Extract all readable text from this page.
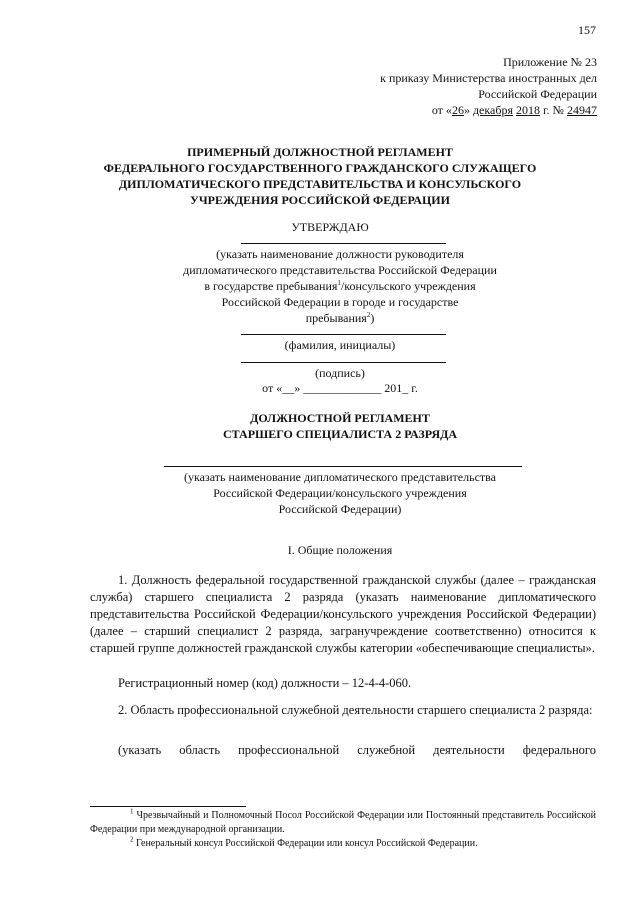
157
Приложение № 23
к приказу Министерства иностранных дел
Российской Федерации
от «26» декабря 2018 г. № 24947
ПРИМЕРНЫЙ ДОЛЖНОСТНОЙ РЕГЛАМЕНТ
ФЕДЕРАЛЬНОГО ГОСУДАРСТВЕННОГО ГРАЖДАНСКОГО СЛУЖАЩЕГО
ДИПЛОМАТИЧЕСКОГО ПРЕДСТАВИТЕЛЬСТВА И КОНСУЛЬСКОГО
УЧРЕЖДЕНИЯ РОССИЙСКОЙ ФЕДЕРАЦИИ
УТВЕРЖДАЮ
(указать наименование должности руководителя
дипломатического представительства Российской Федерации
в государстве пребывания$^1$/консульского учреждения
Российской Федерации в городе и государстве
пребывания$^2$)
(фамилия, инициалы)
(подпись)
от «__» _____________ 201_ г.
ДОЛЖНОСТНОЙ РЕГЛАМЕНТ
СТАРШЕГО СПЕЦИАЛИСТА 2 РАЗРЯДА
(указать наименование дипломатического представительства
Российской Федерации/консульского учреждения
Российской Федерации)
I. Общие положения
1. Должность федеральной государственной гражданской службы (далее – гражданская служба) старшего специалиста 2 разряда (указать наименование дипломатического представительства Российской Федерации/консульского учреждения Российской Федерации) (далее – старший специалист 2 разряда, загранучреждение соответственно) относится к старшей группе должностей гражданской службы категории «обеспечивающие специалисты».
Регистрационный номер (код) должности – 12-4-4-060.
2. Область профессиональной служебной деятельности старшего специалиста 2 разряда:
(указать область профессиональной служебной деятельности федерального
$^1$ Чрезвычайный и Полномочный Посол Российской Федерации или Постоянный представитель Российской Федерации при международной организации.
$^2$ Генеральный консул Российской Федерации или консул Российской Федерации.
